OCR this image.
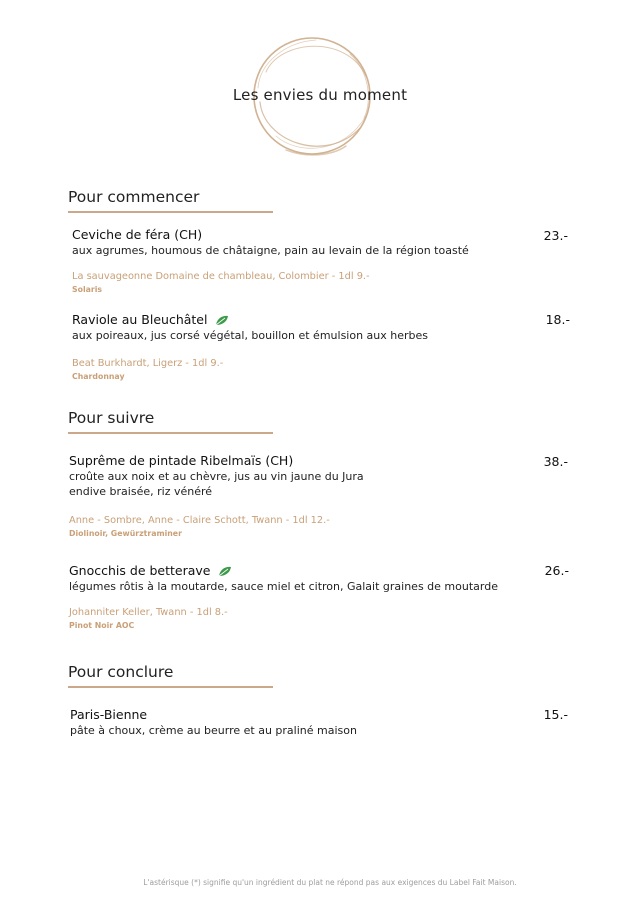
Les envies du moment
Pour commencer
Ceviche de féra (CH)
aux agrumes, houmous de châtaigne, pain au levain de la région toasté
23.-
La sauvageonne Domaine de chambleau, Colombier - 1dl 9.-
Solaris
Raviole au Bleuchâtel
aux poireaux, jus corsé végétal, bouillon et émulsion aux herbes
18.-
Beat Burkhardt, Ligerz - 1dl 9.-
Chardonnay
Pour suivre
Suprême de pintade Ribelmaïs (CH)
croûte aux noix et au chèvre, jus au vin jaune du Jura
endive braisée, riz vénéré
38.-
Anne - Sombre, Anne - Claire Schott, Twann - 1dl 12.-
Diolinoir, Gewürztraminer
Gnocchis de betterave
légumes rôtis à la moutarde, sauce miel et citron, Galait graines de moutarde
26.-
Johanniter Keller, Twann - 1dl 8.-
Pinot Noir AOC
Pour conclure
Paris-Bienne
pâte à choux, crème au beurre et au praliné maison
15.-
L'astérisque (*) signifie qu'un ingrédient du plat ne répond pas aux exigences du Label Fait Maison.
